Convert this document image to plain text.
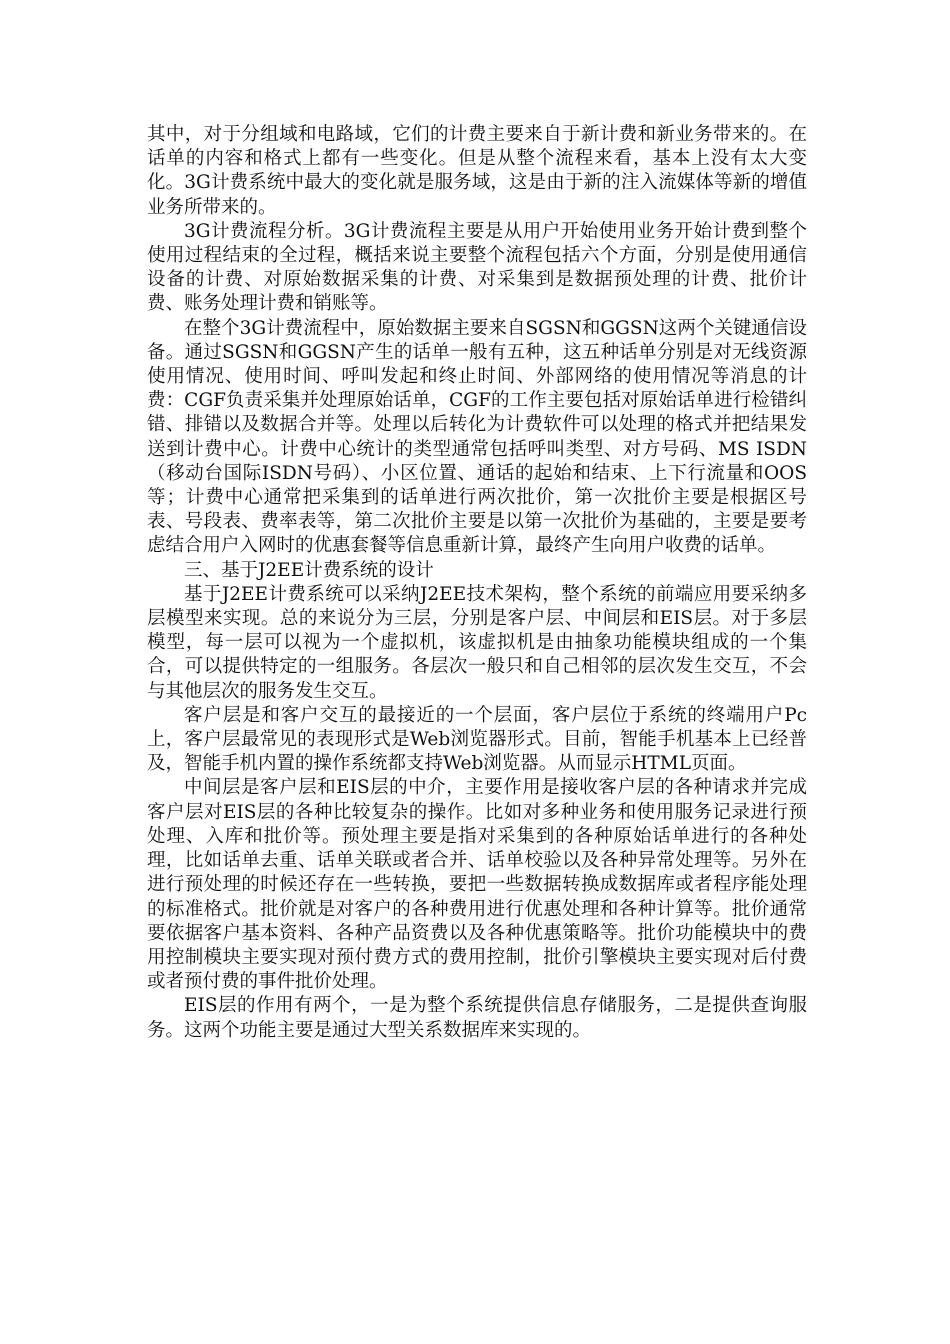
其中，对于分组域和电路域，它们的计费主要来自于新计费和新业务带来的。在话单的内容和格式上都有一些变化。但是从整个流程来看，基本上没有太大变化。3G计费系统中最大的变化就是服务域，这是由于新的注入流媒体等新的增值业务所带来的。

3G计费流程分析。3G计费流程主要是从用户开始使用业务开始计费到整个使用过程结束的全过程，概括来说主要整个流程包括六个方面，分别是使用通信设备的计费、对原始数据采集的计费、对采集到是数据预处理的计费、批价计费、账务处理计费和销账等。

在整个3G计费流程中，原始数据主要来自SGSN和GGSN这两个关键通信设备。通过SGSN和GGSN产生的话单一般有五种，这五种话单分别是对无线资源使用情况、使用时间、呼叫发起和终止时间、外部网络的使用情况等消息的计费：CGF负责采集并处理原始话单，CGF的工作主要包括对原始话单进行检错纠错、排错以及数据合并等。处理以后转化为计费软件可以处理的格式并把结果发送到计费中心。计费中心统计的类型通常包括呼叫类型、对方号码、MS ISDN（移动台国际ISDN号码）、小区位置、通话的起始和结束、上下行流量和OOS等；计费中心通常把采集到的话单进行两次批价，第一次批价主要是根据区号表、号段表、费率表等，第二次批价主要是以第一次批价为基础的，主要是要考虑结合用户入网时的优惠套餐等信息重新计算，最终产生向用户收费的话单。

三、基于J2EE计费系统的设计

基于J2EE计费系统可以采纳J2EE技术架构，整个系统的前端应用要采纳多层模型来实现。总的来说分为三层，分别是客户层、中间层和EIS层。对于多层模型，每一层可以视为一个虚拟机，该虚拟机是由抽象功能模块组成的一个集合，可以提供特定的一组服务。各层次一般只和自己相邻的层次发生交互，不会与其他层次的服务发生交互。

客户层是和客户交互的最接近的一个层面，客户层位于系统的终端用户Pc上，客户层最常见的表现形式是Web浏览器形式。目前，智能手机基本上已经普及，智能手机内置的操作系统都支持Web浏览器。从而显示HTML页面。

中间层是客户层和EIS层的中介，主要作用是接收客户层的各种请求并完成客户层对EIS层的各种比较复杂的操作。比如对多种业务和使用服务记录进行预处理、入库和批价等。预处理主要是指对采集到的各种原始话单进行的各种处理，比如话单去重、话单关联或者合并、话单校验以及各种异常处理等。另外在进行预处理的时候还存在一些转换，要把一些数据转换成数据库或者程序能处理的标准格式。批价就是对客户的各种费用进行优惠处理和各种计算等。批价通常要依据客户基本资料、各种产品资费以及各种优惠策略等。批价功能模块中的费用控制模块主要实现对预付费方式的费用控制，批价引擎模块主要实现对后付费或者预付费的事件批价处理。

EIS层的作用有两个，一是为整个系统提供信息存储服务，二是提供查询服务。这两个功能主要是通过大型关系数据库来实现的。
